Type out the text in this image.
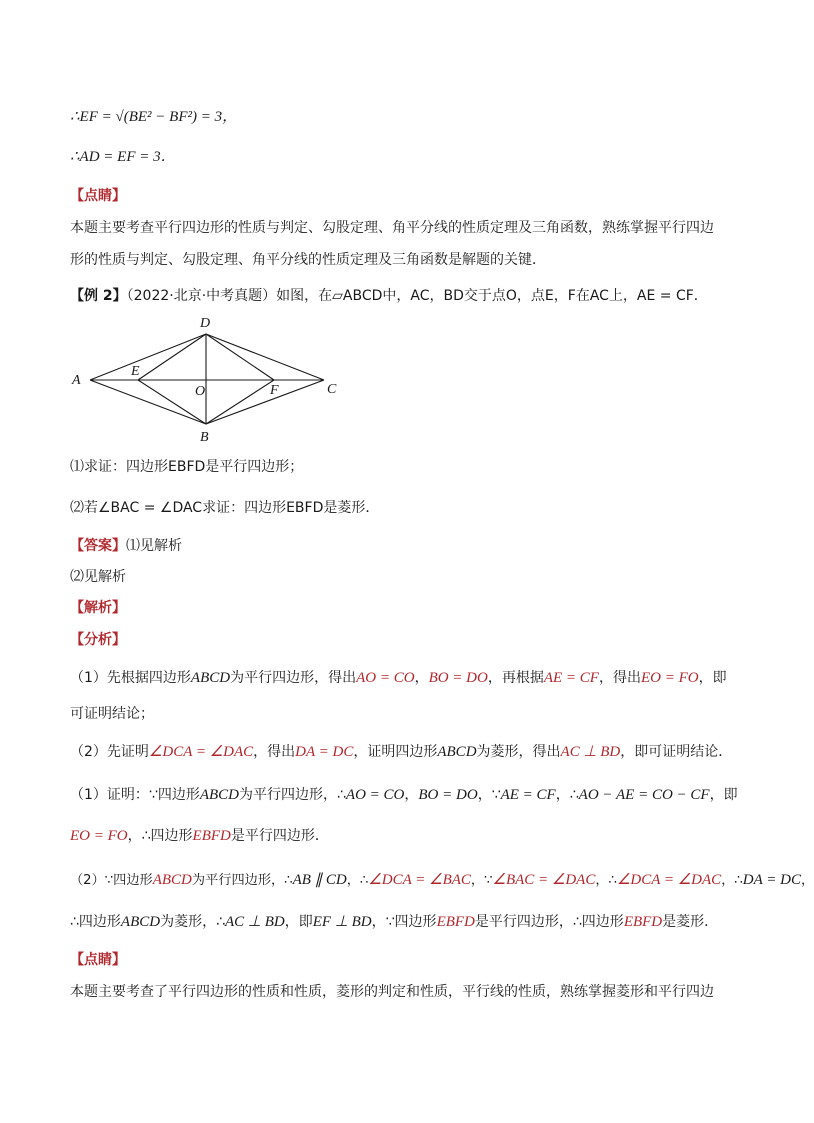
∴EF = √(BE² − BF²) = 3，
∴AD = EF = 3．
【点睛】
本题主要考查平行四边形的性质与判定、勾股定理、角平分线的性质定理及三角函数，熟练掌握平行四边
形的性质与判定、勾股定理、角平分线的性质定理及三角函数是解题的关键．
【例 2】（2022·北京·中考真题）如图，在▱ABCD中，AC，BD交于点O，点E，F在AC上，AE = CF．
A
B
C
D
E
F
O
⑴求证：四边形EBFD是平行四边形；
⑵若∠BAC = ∠DAC求证：四边形EBFD是菱形．
【答案】⑴见解析
⑵见解析
【解析】
【分析】
（1）先根据四边形ABCD为平行四边形，得出AO = CO，BO = DO，再根据AE = CF，得出EO = FO，即
可证明结论；
（2）先证明∠DCA = ∠DAC，得出DA = DC，证明四边形ABCD为菱形，得出AC ⊥ BD，即可证明结论．
（1）证明：∵四边形ABCD为平行四边形，∴AO = CO，BO = DO，∵AE = CF，∴AO − AE = CO − CF，即
EO = FO，∴四边形EBFD是平行四边形．
（2）∵四边形ABCD为平行四边形，∴AB ∥ CD，∴∠DCA = ∠BAC，∵∠BAC = ∠DAC，∴∠DCA = ∠DAC，∴DA = DC，
∴四边形ABCD为菱形，∴AC ⊥ BD，即EF ⊥ BD，∵四边形EBFD是平行四边形，∴四边形EBFD是菱形．
【点睛】
本题主要考查了平行四边形的性质和性质，菱形的判定和性质，平行线的性质，熟练掌握菱形和平行四边
